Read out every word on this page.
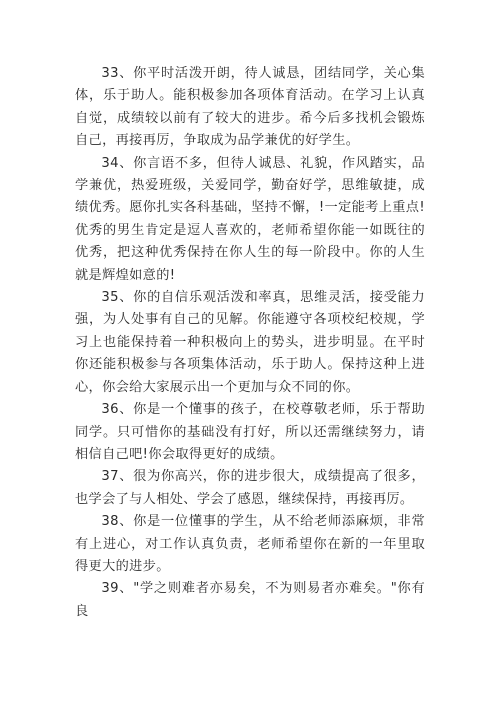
33、你平时活泼开朗，待人诚恳，团结同学，关心集体，乐于助人。能积极参加各项体育活动。在学习上认真自觉，成绩较以前有了较大的进步。希今后多找机会锻炼自己，再接再厉，争取成为品学兼优的好学生。

34、你言语不多，但待人诚恳、礼貌，作风踏实，品学兼优，热爱班级，关爱同学，勤奋好学，思维敏捷，成绩优秀。愿你扎实各科基础，坚持不懈，!一定能考上重点!优秀的男生肯定是逗人喜欢的，老师希望你能一如既往的优秀，把这种优秀保持在你人生的每一阶段中。你的人生就是辉煌如意的!

35、你的自信乐观活泼和率真，思维灵活，接受能力强，为人处事有自己的见解。你能遵守各项校纪校规，学习上也能保持着一种积极向上的势头，进步明显。在平时你还能积极参与各项集体活动，乐于助人。保持这种上进心，你会给大家展示出一个更加与众不同的你。

36、你是一个懂事的孩子，在校尊敬老师，乐于帮助同学。只可惜你的基础没有打好，所以还需继续努力，请相信自己吧!你会取得更好的成绩。

37、很为你高兴，你的进步很大，成绩提高了很多，也学会了与人相处、学会了感恩，继续保持，再接再厉。

38、你是一位懂事的学生，从不给老师添麻烦，非常有上进心，对工作认真负责，老师希望你在新的一年里取得更大的进步。

39、"学之则难者亦易矣，不为则易者亦难矣。"你有良
